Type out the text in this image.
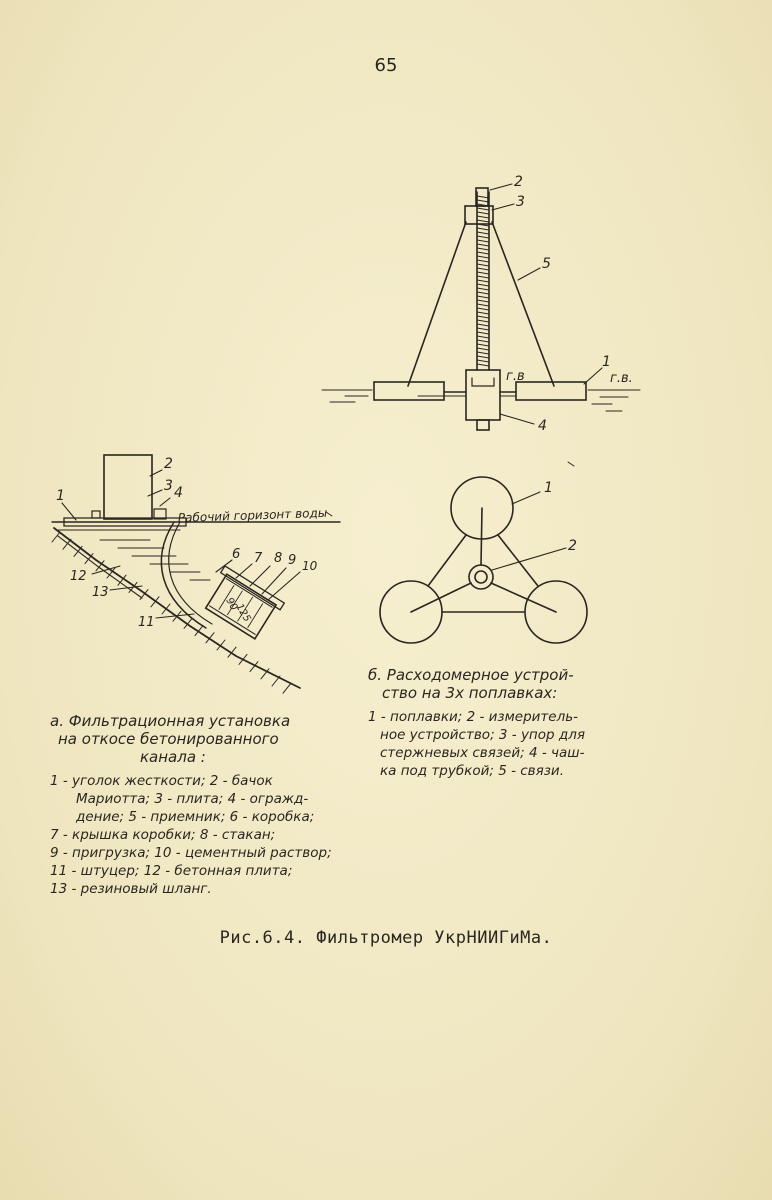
65
2
3
5
1
4
г.в	г.в.
1
2
1
2
3 4
6 7 8 9 10
12
13
11
90
125
Рабочий горизонт воды
а. Фильтрационная установка
на откосе бетонированного
канала :
1 - уголок жесткости; 2 - бачок
Мариотта; 3 - плита; 4 - огражд-
дение; 5 - приемник; 6 - коробка;
7 - крышка коробки; 8 - стакан;
9 - пригрузка; 10 - цементный раствор;
11 - штуцер; 12 - бетонная плита;
13 - резиновый шланг.
б. Расходомерное устрой-
ство на 3х поплавках:
1 - поплавки; 2 - измеритель-
ное устройство; 3 - упор для
стержневых связей; 4 - чаш-
ка под трубкой; 5 - связи.
Рис.6.4. Фильтромер УкрНИИГиМа.
